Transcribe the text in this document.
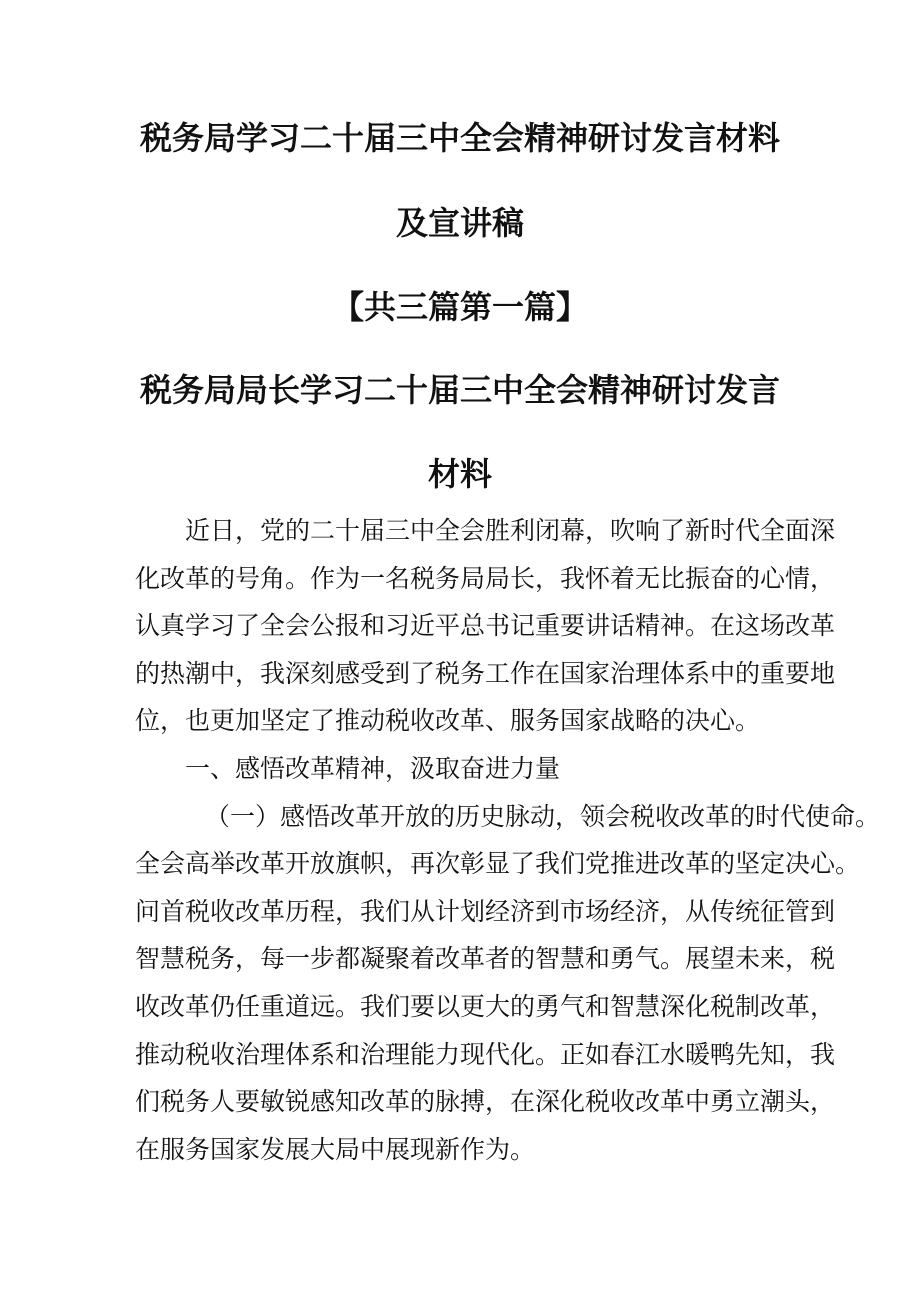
税务局学习二十届三中全会精神研讨发言材料
及宣讲稿
【共三篇第一篇】
税务局局长学习二十届三中全会精神研讨发言
材料
近日，党的二十届三中全会胜利闭幕，吹响了新时代全面深
化改革的号角。作为一名税务局局长，我怀着无比振奋的心情，
认真学习了全会公报和习近平总书记重要讲话精神。在这场改革
的热潮中，我深刻感受到了税务工作在国家治理体系中的重要地
位，也更加坚定了推动税收改革、服务国家战略的决心。
一、感悟改革精神，汲取奋进力量
（一）感悟改革开放的历史脉动，领会税收改革的时代使命。
全会高举改革开放旗帜，再次彰显了我们党推进改革的坚定决心。
问首税收改革历程，我们从计划经济到市场经济，从传统征管到
智慧税务，每一步都凝聚着改革者的智慧和勇气。展望未来，税
收改革仍任重道远。我们要以更大的勇气和智慧深化税制改革，
推动税收治理体系和治理能力现代化。正如春江水暖鸭先知，我
们税务人要敏锐感知改革的脉搏，在深化税收改革中勇立潮头，
在服务国家发展大局中展现新作为。
